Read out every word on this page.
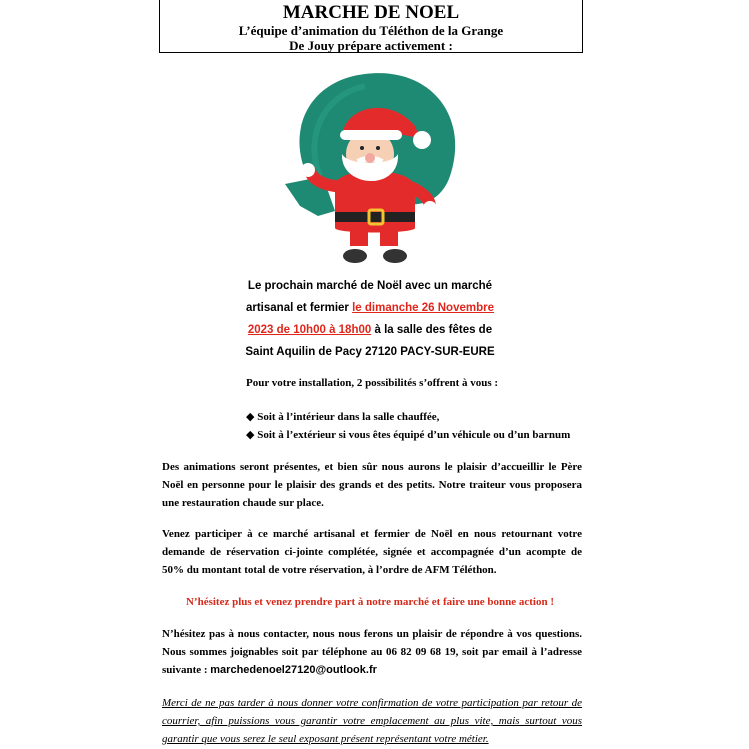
MARCHE DE NOEL
L’équipe d’animation du Téléthon de la Grange
De Jouy prépare activement :
Le prochain marché de Noël avec un marché
artisanal et fermier le dimanche 26 Novembre
2023 de 10h00 à 18h00 à la salle des fêtes de
Saint Aquilin de Pacy 27120 PACY-SUR-EURE
Pour votre installation, 2 possibilités s’offrent à vous :
◆ Soit à l’intérieur dans la salle chauffée,
◆ Soit à l’extérieur si vous êtes équipé d’un véhicule ou d’un barnum
Des animations seront présentes, et bien sûr nous aurons le plaisir d’accueillir le Père Noël en personne pour le plaisir des grands et des petits. Notre traiteur vous proposera une restauration chaude sur place.
Venez participer à ce marché artisanal et fermier de Noël en nous retournant votre demande de réservation ci-jointe complétée, signée et accompagnée d’un acompte de 50% du montant total de votre réservation, à l’ordre de AFM Téléthon.
N’hésitez plus et venez prendre part à notre marché et faire une bonne action !
N’hésitez pas à nous contacter, nous nous ferons un plaisir de répondre à vos questions. Nous sommes joignables soit par téléphone au 06 82 09 68 19, soit par email à l’adresse suivante : marchedenoel27120@outlook.fr
Merci de ne pas tarder à nous donner votre confirmation de votre participation par retour de courrier, afin puissions vous garantir votre emplacement au plus vite, mais surtout vous garantir que vous serez le seul exposant présent représentant votre métier.
